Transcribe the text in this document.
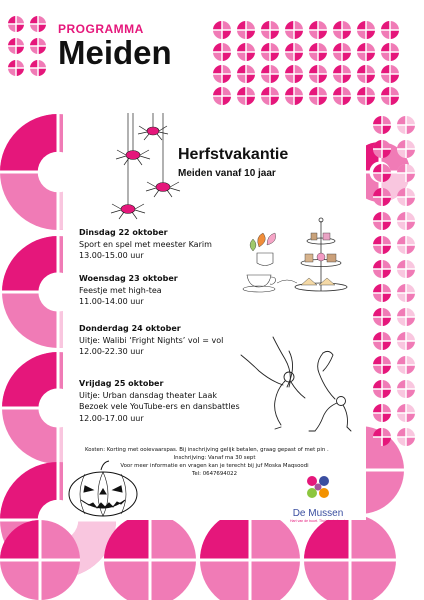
PROGRAMMA
Meiden
Herfstvakantie
Meiden vanaf 10 jaar
Dinsdag 22 oktober
Sport en spel met meester Karim
13.00-15.00 uur
Woensdag 23 oktober
Feestje met high-tea
11.00-14.00 uur
Donderdag 24 oktober
Uitje: Walibi ‘Fright Nights’ vol = vol
12.00-22.30 uur
Vrijdag 25 oktober
Uitje: Urban dansdag theater Laak
Bezoek vele YouTube-ers en dansbattles
12.00-17.00 uur
Kosten: Korting met ooievaarspas. Bij inschrijving gelijk betalen, graag gepast of met pin .
Inschrijving: Vanaf ma 30 sept
Voor meer informatie en vragen kan je terecht bij juf Moska Maqsoodi
Tel: 0647694022
De Mussen
Hart van de buurt. Thuis in de buurt.
